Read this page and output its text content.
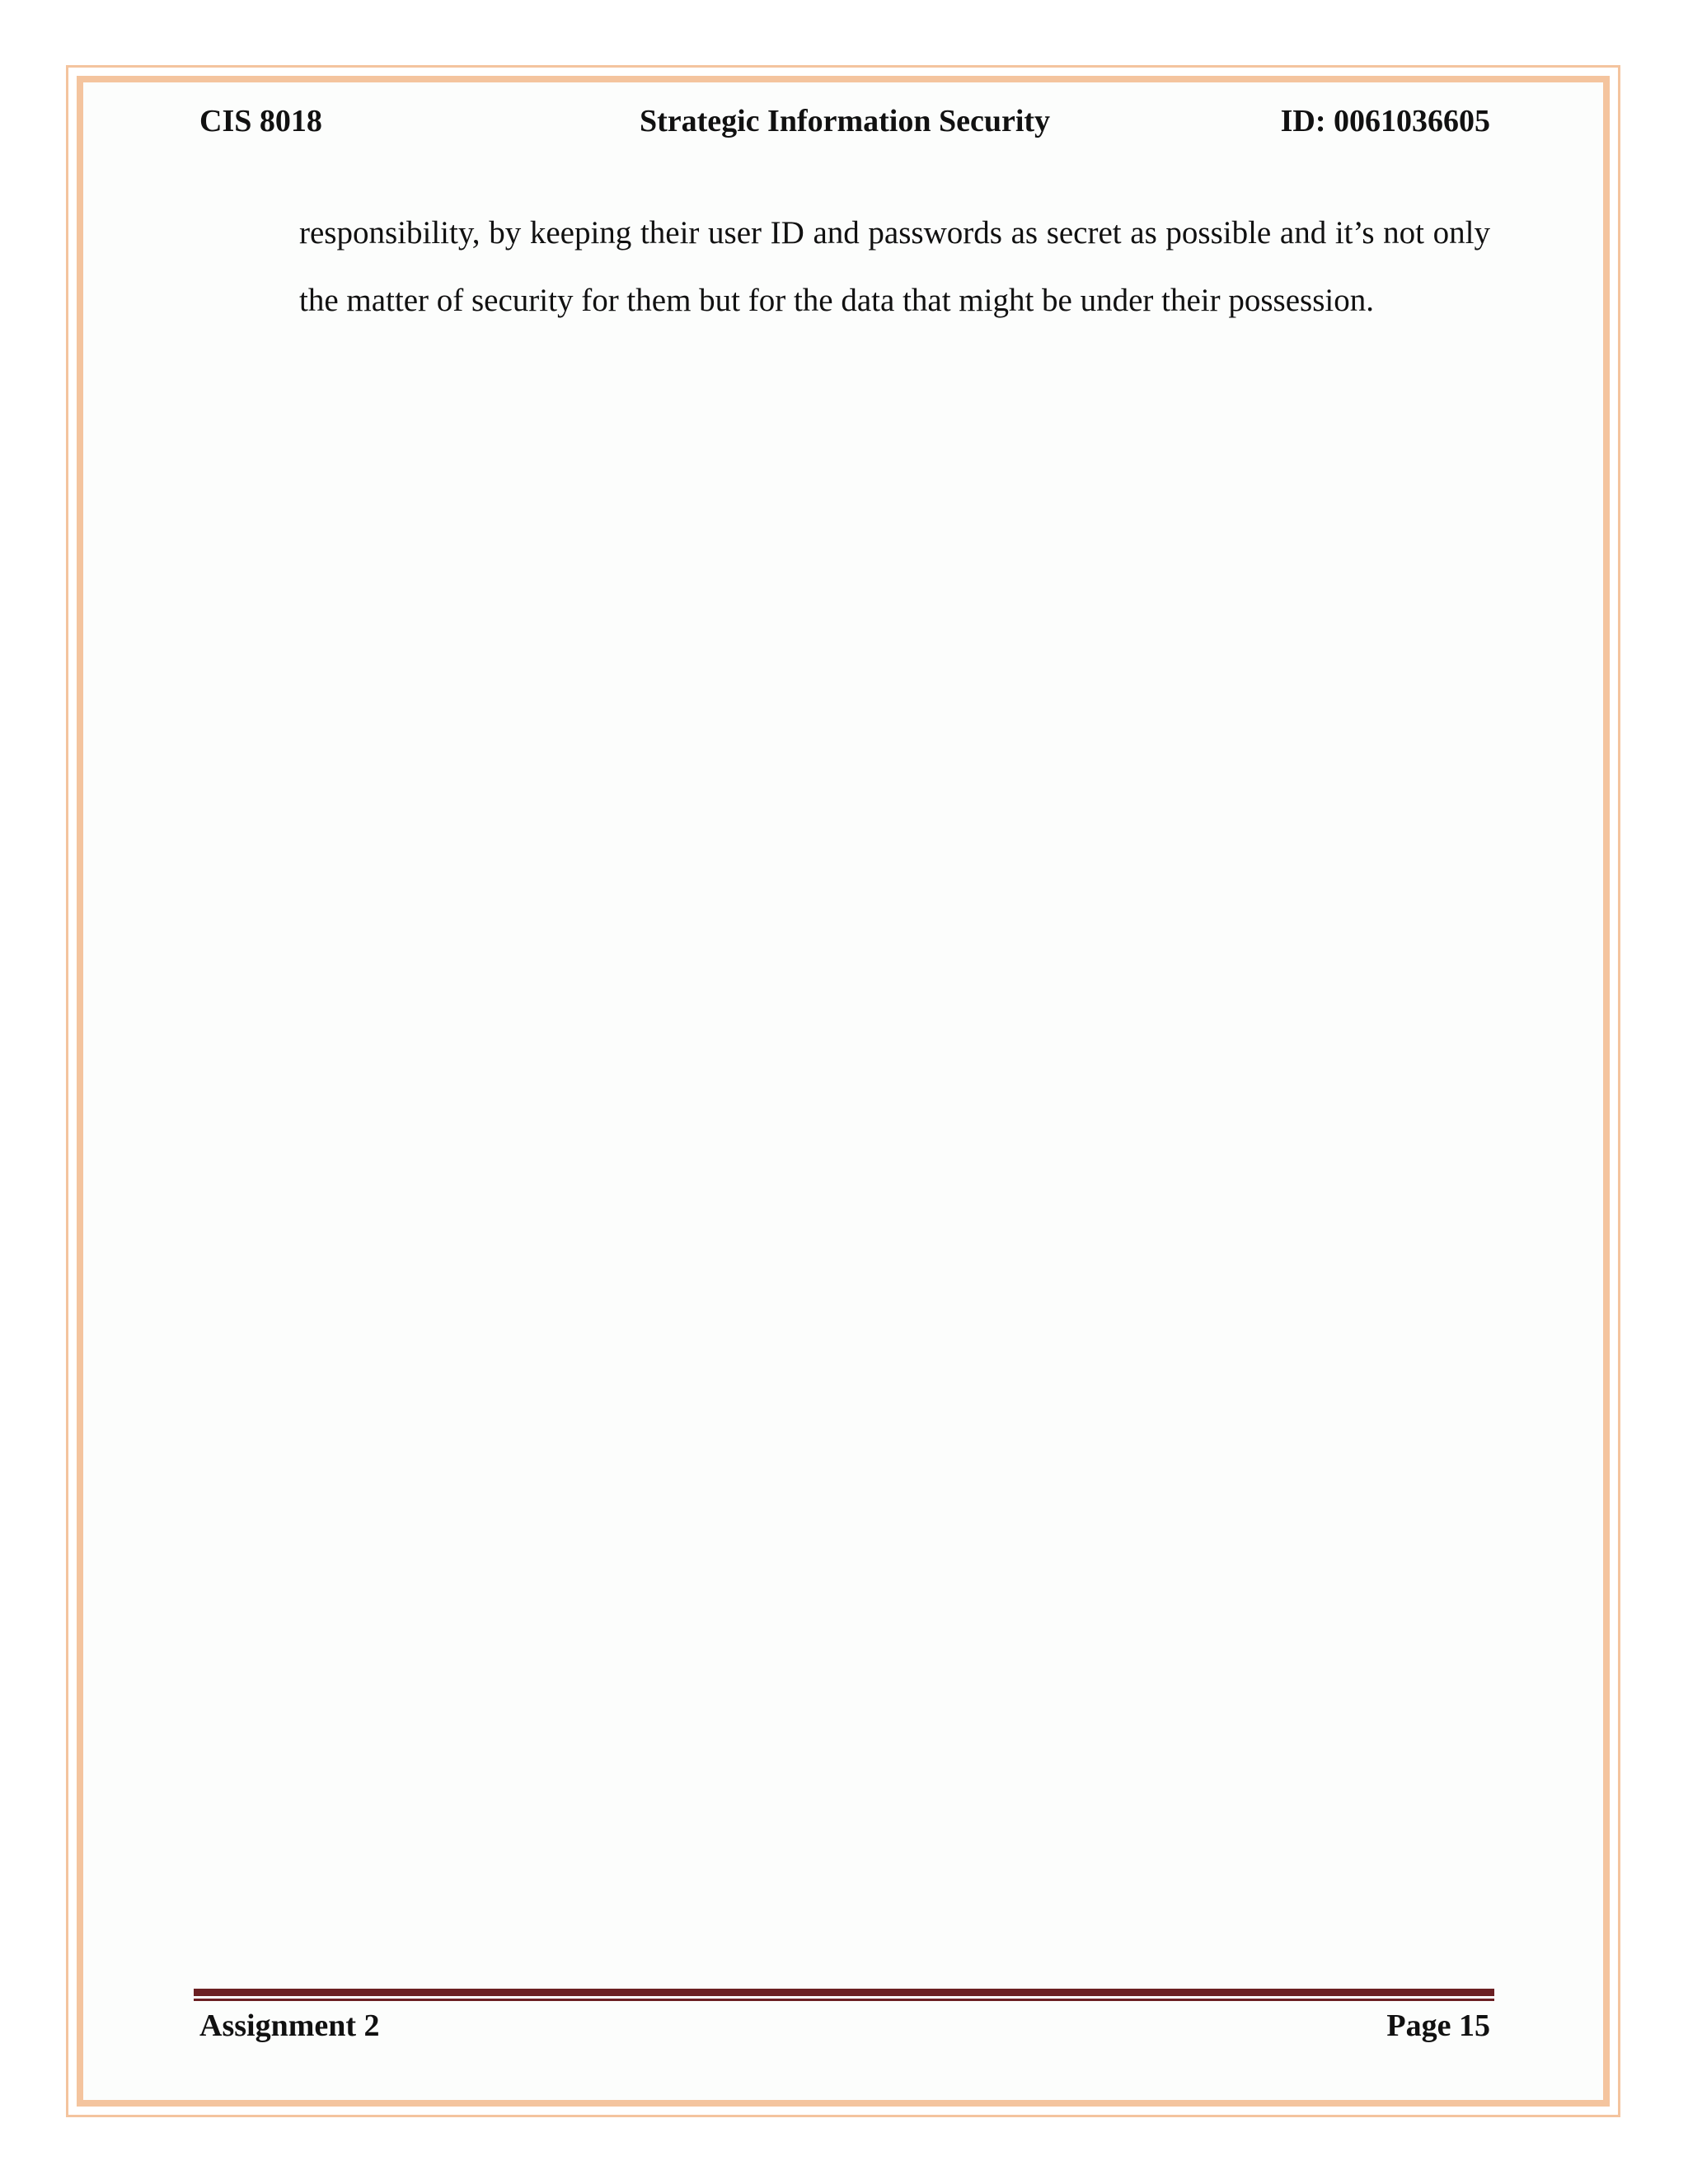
CIS 8018	Strategic Information Security	ID: 0061036605

responsibility, by keeping their user ID and passwords as secret as possible and it’s not only the matter of security for them but for the data that might be under their possession.

Assignment 2	Page 15
